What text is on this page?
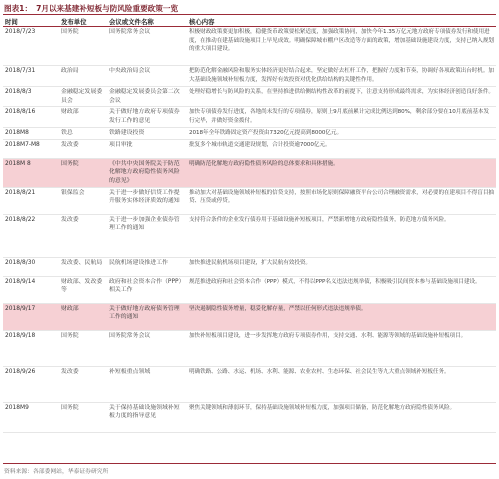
图表1： 7月以来基建补短板与防风险重要政策一览
时间	发布单位	会议或文件名称	核心内容
2018/7/23	国务院	国务院常务会议	积极财政政策要更加积极，稳健货币政策要松紧适度，加强政策协同，加快今年1.35万亿元地方政府专项债券发行和使用进度，在推动在建基础设施项目上早见成效。明确保障城市棚户区改造等方面的政策，增加基础设施建设力度，支持已纳入规划的重大项目建设。
2018/7/31	政治局	中央政治局会议	把防范化解金融风险和服务实体经济更好结合起来，坚定做好去杠杆工作，把握好力度和节奏，协调好各项政策出台时机。加大基础设施领域补短板力度，发挥好有效投资对优化供给结构的关键性作用。
2018/8/3	金融稳定发展委员会	金融稳定发展委员会第二次会议	处理好稳增长与防风险的关系，在坚持推进供给侧结构性改革的前提下，注意支持形成最终需求，为实体经济创造良好条件。
2018/8/16	财政部	关于做好地方政府专项债券发行工作的意见	加快专项债券发行进度，各地尚未发行的专项债券，原则上9月底前累计完成比例达到80%，剩余部分要在10月底前基本发行完毕，并做好资金拨付。
2018M8	铁总	铁路建设投资	2018年全年铁路固定资产投资由7320亿元提高到8000亿元。
2018M7-M8	发改委	项目审批	批复多个城市轨道交通建设规划，合计投资逾7000亿元。
2018M 8	国务院	《中共中央国务院关于防范化解地方政府隐性债务风险的意见》	明确防范化解地方政府隐性债务风险的总体要求和具体措施。
2018/8/21	银保监会	关于进一步做好信贷工作提升服务实体经济质效的通知	推动加大对基础设施领域补短板的信贷支持，按照市场化原则保障融资平台公司合理融资需求，对必要的在建项目不得盲目抽贷、压贷或停贷。
2018/8/22	发改委	关于进一步加强企业债券管理工作的通知	支持符合条件的企业发行债券用于基础设施补短板项目，严禁新增地方政府隐性债务，防范地方债务风险。
2018/8/30	发改委、民航局	民航机场建设推进工作	加快推进民航机场项目建设，扩大民航有效投资。
2018/9/14	财政部、发改委等	政府和社会资本合作（PPP）相关工作	规范推进政府和社会资本合作（PPP）模式，不得以PPP名义违法违规举债，积极吸引民间资本参与基础设施项目建设。
2018/9/17	财政部	关于做好地方政府债务管理工作的通知	坚决遏制隐性债务增量，稳妥化解存量，严禁以任何形式违法违规举债。
2018/9/18	国务院	国务院常务会议	加快补短板项目建设，进一步发挥地方政府专项债券作用，支持交通、水利、能源等领域的基础设施补短板项目。
2018/9/26	发改委	补短板重点领域	明确铁路、公路、水运、机场、水利、能源、农业农村、生态环保、社会民生等九大重点领域补短板任务。
2018M9	国务院	关于保持基础设施领域补短板力度的指导意见	聚焦关键领域和薄弱环节，保持基础设施领域补短板力度，加强项目储备，防范化解地方政府隐性债务风险。
资料来源：各部委网站，华泰证券研究所
